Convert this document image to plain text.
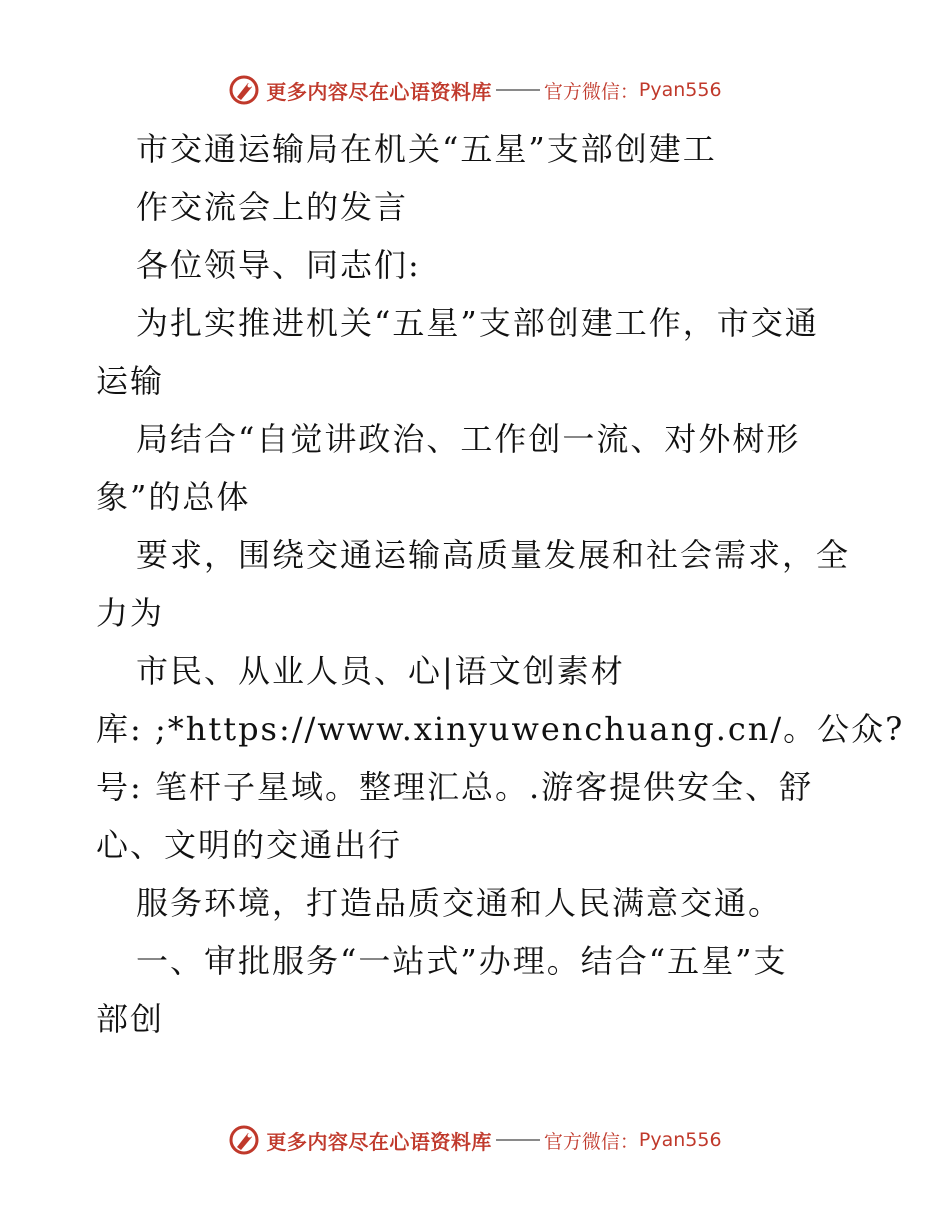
更多内容尽在心语资料库	官方微信： Pyan556
市交通运输局在机关“五星”支部创建工
作交流会上的发言
各位领导、同志们:
为扎实推进机关“五星”支部创建工作，市交通
运输
局结合“自觉讲政治、工作创一流、对外树形
象”的总体
要求，围绕交通运输高质量发展和社会需求，全
力为
市民、从业人员、心|语文创素材
库: ;*https://www.xinyuwenchuang.cn/。公众?
号: 笔杆子星域。整理汇总。.游客提供安全、舒
心、文明的交通出行
服务环境，打造品质交通和人民满意交通。
一、审批服务“一站式”办理。结合“五星”支
部创
更多内容尽在心语资料库	官方微信： Pyan556
